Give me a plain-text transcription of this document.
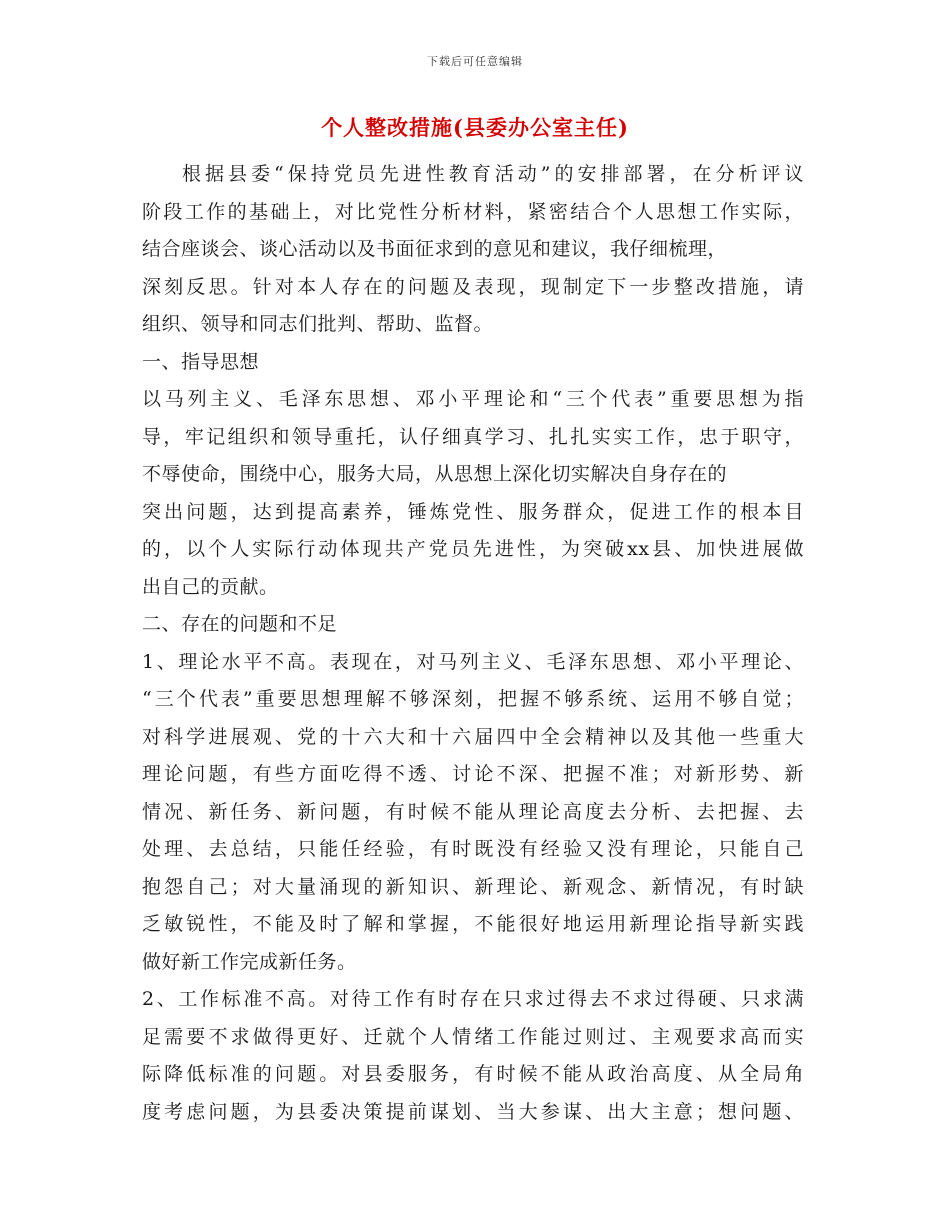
下载后可任意编辑
个人整改措施(县委办公室主任)
根据县委“保持党员先进性教育活动”的安排部署，在分析评议
阶段工作的基础上，对比党性分析材料，紧密结合个人思想工作实际，
结合座谈会、谈心活动以及书面征求到的意见和建议，我仔细梳理，
深刻反思。针对本人存在的问题及表现，现制定下一步整改措施，请
组织、领导和同志们批判、帮助、监督。
一、指导思想
以马列主义、毛泽东思想、邓小平理论和“三个代表”重要思想为指
导，牢记组织和领导重托，认仔细真学习、扎扎实实工作，忠于职守，
不辱使命，围绕中心，服务大局，从思想上深化切实解决自身存在的
突出问题，达到提高素养，锤炼党性、服务群众，促进工作的根本目
的，以个人实际行动体现共产党员先进性，为突破xx县、加快进展做
出自己的贡献。
二、存在的问题和不足
1、理论水平不高。表现在，对马列主义、毛泽东思想、邓小平理论、
“三个代表”重要思想理解不够深刻，把握不够系统、运用不够自觉；
对科学进展观、党的十六大和十六届四中全会精神以及其他一些重大
理论问题，有些方面吃得不透、讨论不深、把握不准；对新形势、新
情况、新任务、新问题，有时候不能从理论高度去分析、去把握、去
处理、去总结，只能任经验，有时既没有经验又没有理论，只能自己
抱怨自己；对大量涌现的新知识、新理论、新观念、新情况，有时缺
乏敏锐性，不能及时了解和掌握，不能很好地运用新理论指导新实践
做好新工作完成新任务。
2、工作标准不高。对待工作有时存在只求过得去不求过得硬、只求满
足需要不求做得更好、迁就个人情绪工作能过则过、主观要求高而实
际降低标准的问题。对县委服务，有时候不能从政治高度、从全局角
度考虑问题，为县委决策提前谋划、当大参谋、出大主意；想问题、
